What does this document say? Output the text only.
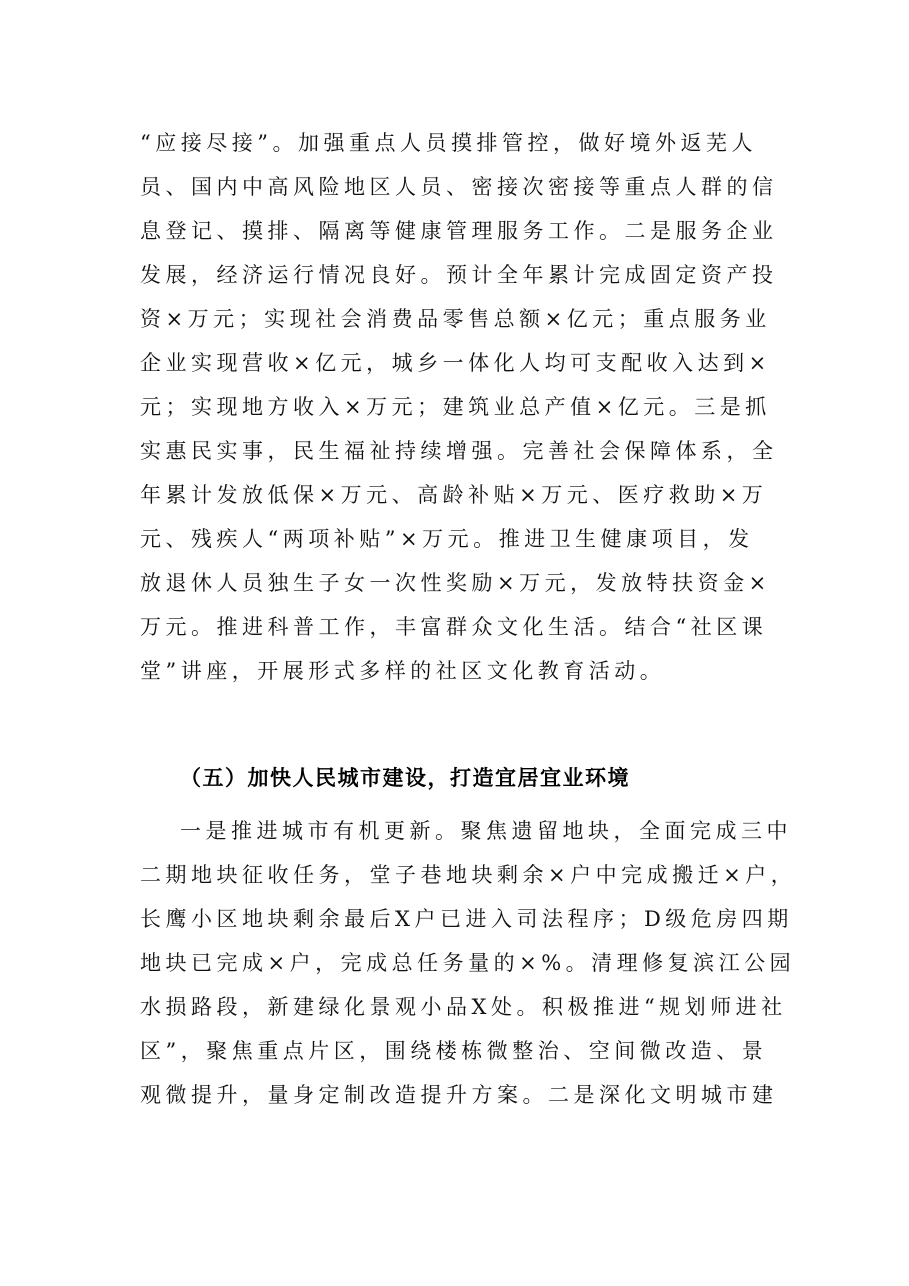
“应接尽接”。加强重点人员摸排管控，做好境外返芜人
员、国内中高风险地区人员、密接次密接等重点人群的信
息登记、摸排、隔离等健康管理服务工作。二是服务企业
发展，经济运行情况良好。预计全年累计完成固定资产投
资×万元；实现社会消费品零售总额×亿元；重点服务业
企业实现营收×亿元，城乡一体化人均可支配收入达到×
元；实现地方收入×万元；建筑业总产值×亿元。三是抓
实惠民实事，民生福祉持续增强。完善社会保障体系，全
年累计发放低保×万元、高龄补贴×万元、医疗救助×万
元、残疾人“两项补贴”×万元。推进卫生健康项目，发
放退休人员独生子女一次性奖励×万元，发放特扶资金×
万元。推进科普工作，丰富群众文化生活。结合“社区课
堂”讲座，开展形式多样的社区文化教育活动。
（五）加快人民城市建设，打造宜居宜业环境
一是推进城市有机更新。聚焦遗留地块，全面完成三中
二期地块征收任务，堂子巷地块剩余×户中完成搬迁×户，
长鹰小区地块剩余最后X户已进入司法程序；D级危房四期
地块已完成×户，完成总任务量的×%。清理修复滨江公园
水损路段，新建绿化景观小品X处。积极推进“规划师进社
区”，聚焦重点片区，围绕楼栋微整治、空间微改造、景
观微提升，量身定制改造提升方案。二是深化文明城市建
